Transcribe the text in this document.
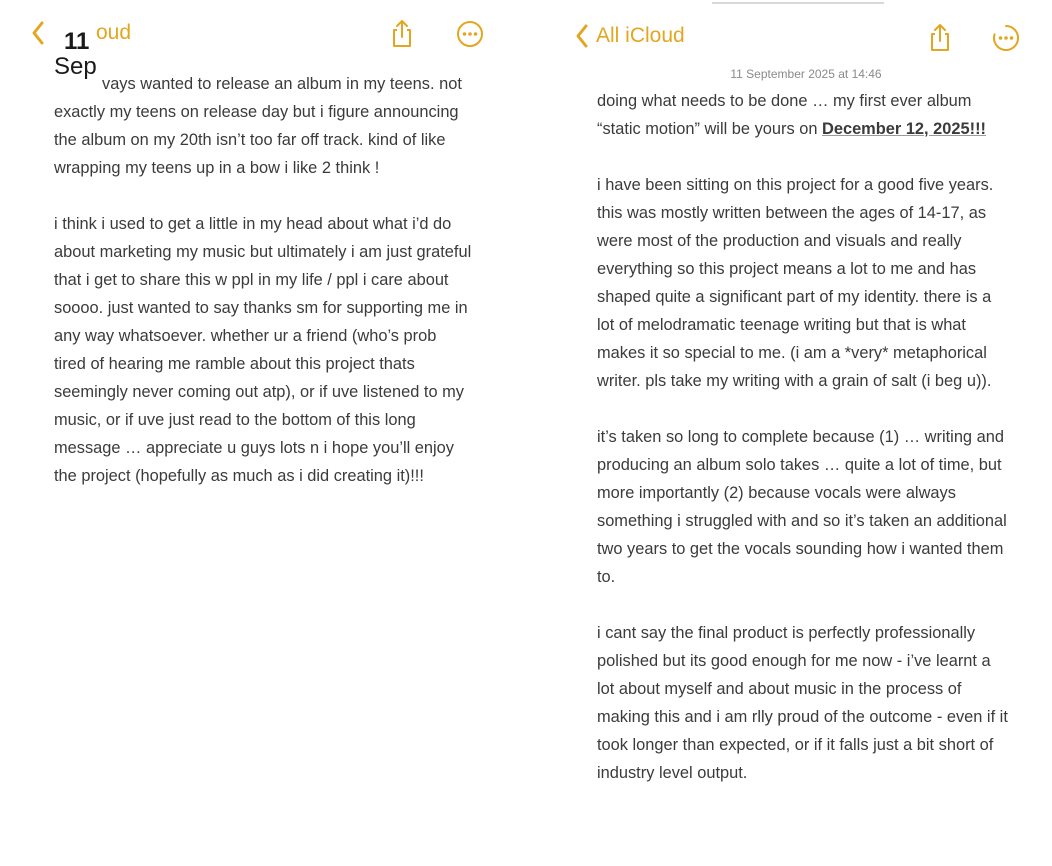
oud
11
Sep

vays wanted to release an album in my teens. not exactly my teens on release day but i figure announcing the album on my 20th isn’t too far off track. kind of like wrapping my teens up in a bow i like 2 think !

i think i used to get a little in my head about what i’d do about marketing my music but ultimately i am just grateful that i get to share this w ppl in my life / ppl i care about soooo. just wanted to say thanks sm for supporting me in any way whatsoever. whether ur a friend (who’s prob tired of hearing me ramble about this project thats seemingly never coming out atp), or if uve listened to my music, or if uve just read to the bottom of this long message … appreciate u guys lots n i hope you’ll enjoy the project (hopefully as much as i did creating it)!!!

All iCloud
11 September 2025 at 14:46

doing what needs to be done … my first ever album “static motion” will be yours on December 12, 2025!!!

i have been sitting on this project for a good five years. this was mostly written between the ages of 14-17, as were most of the production and visuals and really everything so this project means a lot to me and has shaped quite a significant part of my identity. there is a lot of melodramatic teenage writing but that is what makes it so special to me. (i am a *very* metaphorical writer. pls take my writing with a grain of salt (i beg u)).

it’s taken so long to complete because (1) … writing and producing an album solo takes … quite a lot of time, but more importantly (2) because vocals were always something i struggled with and so it’s taken an additional two years to get the vocals sounding how i wanted them to.

i cant say the final product is perfectly professionally polished but its good enough for me now - i’ve learnt a lot about myself and about music in the process of making this and i am rlly proud of the outcome - even if it took longer than expected, or if it falls just a bit short of industry level output.
